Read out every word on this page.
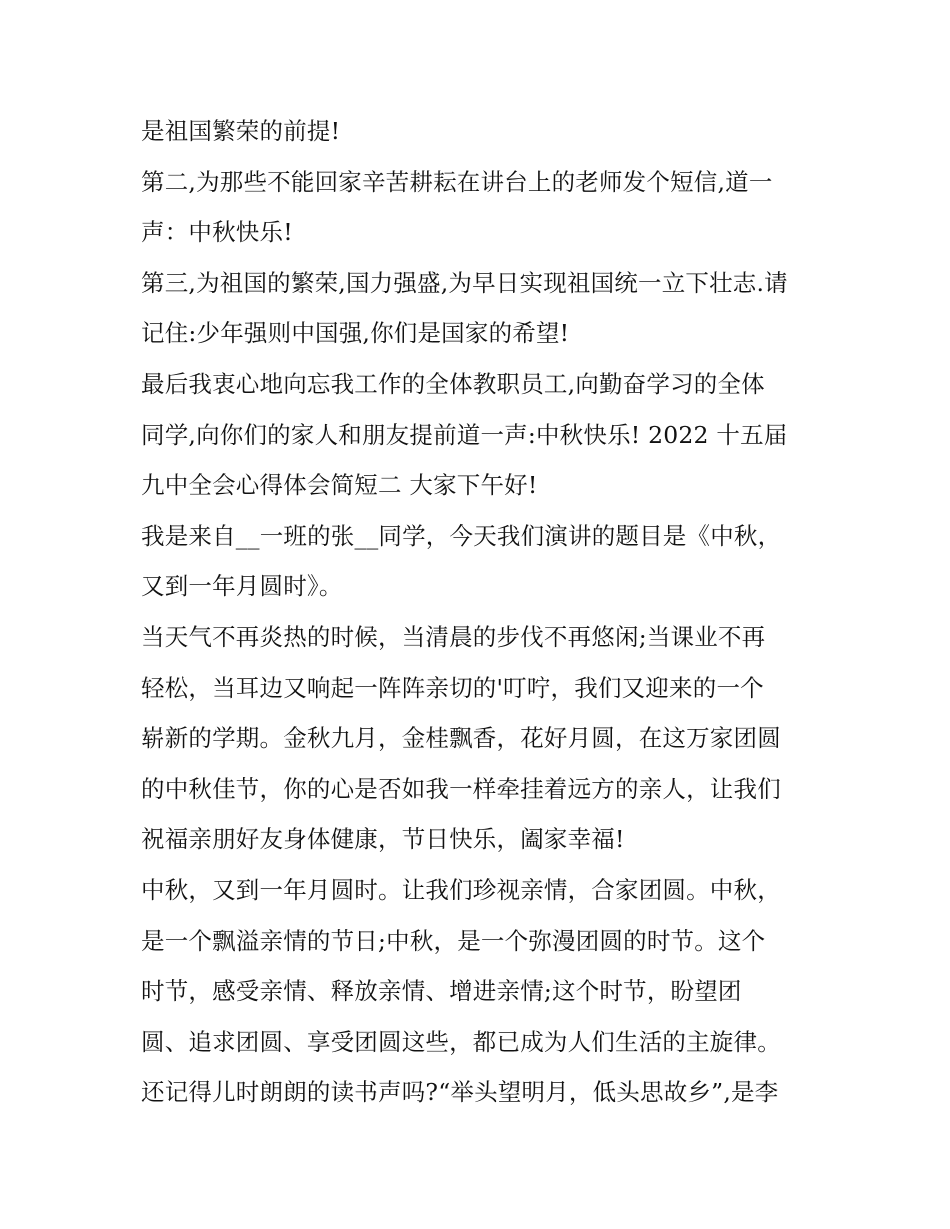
是祖国繁荣的前提!
第二,为那些不能回家辛苦耕耘在讲台上的老师发个短信,道一
声：中秋快乐!
第三,为祖国的繁荣,国力强盛,为早日实现祖国统一立下壮志.请
记住:少年强则中国强,你们是国家的希望!
最后我衷心地向忘我工作的全体教职员工,向勤奋学习的全体
同学,向你们的家人和朋友提前道一声:中秋快乐! 2022 十五届
九中全会心得体会简短二 大家下午好!
我是来自__一班的张__同学，今天我们演讲的题目是《中秋，
又到一年月圆时》。
当天气不再炎热的时候，当清晨的步伐不再悠闲;当课业不再
轻松，当耳边又响起一阵阵亲切的'叮咛，我们又迎来的一个
崭新的学期。金秋九月，金桂飘香，花好月圆，在这万家团圆
的中秋佳节，你的心是否如我一样牵挂着远方的亲人，让我们
祝福亲朋好友身体健康，节日快乐，阖家幸福!
中秋，又到一年月圆时。让我们珍视亲情，合家团圆。中秋，
是一个飘溢亲情的节日;中秋，是一个弥漫团圆的时节。这个
时节，感受亲情、释放亲情、增进亲情;这个时节，盼望团
圆、追求团圆、享受团圆这些，都已成为人们生活的主旋律。
还记得儿时朗朗的读书声吗?“举头望明月，低头思故乡”,是李
